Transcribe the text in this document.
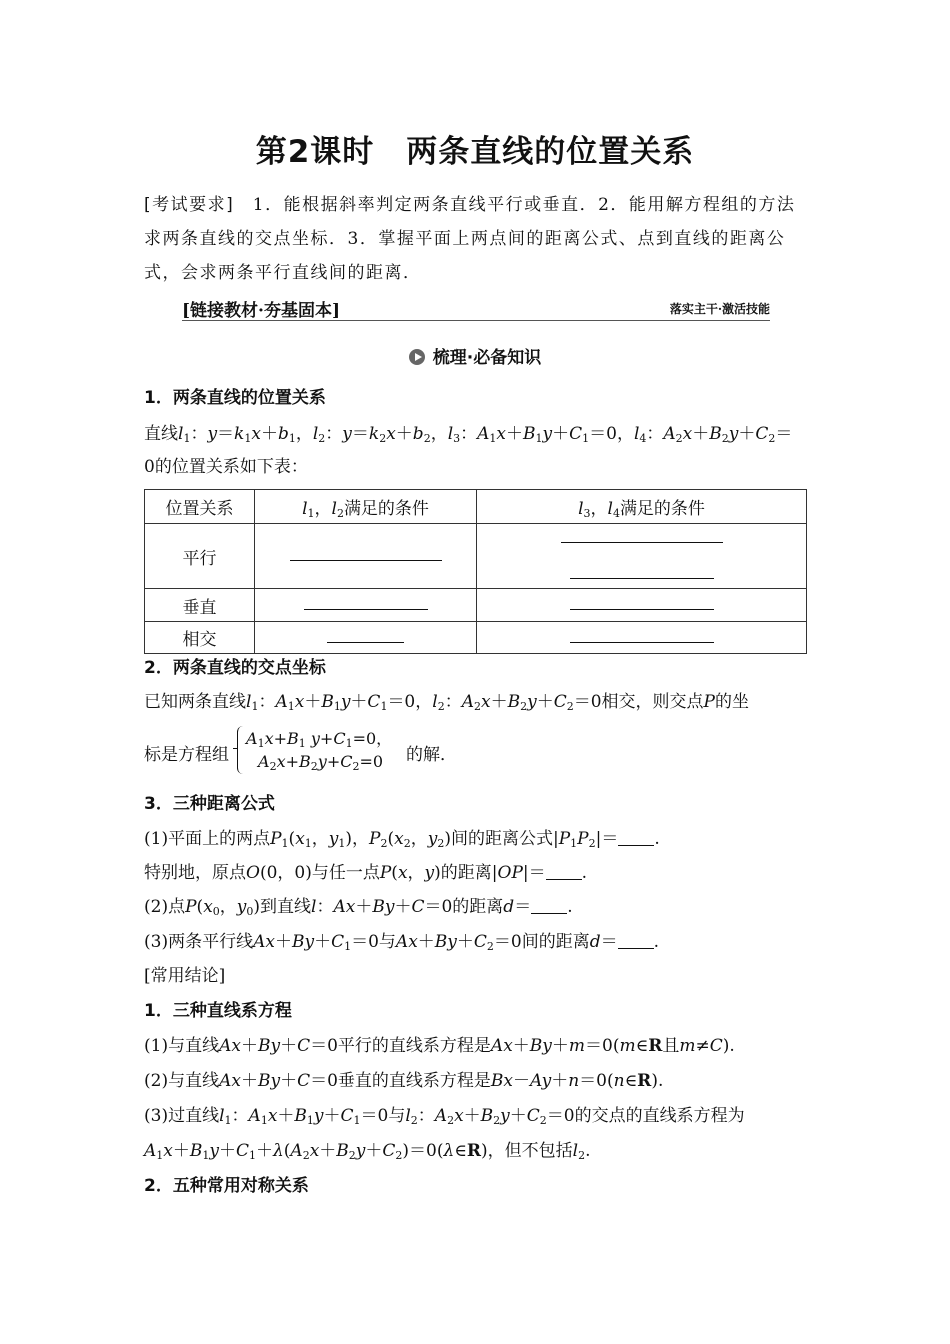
第2课时　两条直线的位置关系
[考试要求]　1．能根据斜率判定两条直线平行或垂直．2．能用解方程组的方法求两条直线的交点坐标．3．掌握平面上两点间的距离公式、点到直线的距离公式，会求两条平行直线间的距离．
[链接教材·夯基固本]	落实主干·激活技能
梳理·必备知识
1．两条直线的位置关系
直线$l_1$：$y=k_1x+b_1$，$l_2$：$y=k_2x+b_2$，$l_3$：$A_1x+B_1y+C_1=0$，$l_4$：$A_2x+B_2y+C_2=$
0的位置关系如下表：
位置关系	$l_1$，$l_2$满足的条件	$l_3$，$l_4$满足的条件
平行		

垂直		
相交		
2．两条直线的交点坐标
已知两条直线$l_1$：$A_1x+B_1y+C_1=0$，$l_2$：$A_2x+B_2y+C_2=0$相交，则交点P的坐
标是方程组
$A_1x+B_1$ $y+C_1=0$，
$A_2x+B_2y+C_2=0$ 的解．
3．三种距离公式
(1)平面上的两点$P_1(x_1$，$y_1$)，$P_2(x_2$，$y_2$)间的距离公式$|P_1P_2|=$ .
特别地，原点O(0，0)与任一点P(x，y)的距离|OP|＝ .
(2)点$P(x_0$，$y_0$)到直线l：Ax＋By＋C＝0的距离d＝ .
(3)两条平行线$Ax+By+C_1=0$与$Ax+By+C_2=0$间的距离d＝ .
[常用结论]
1．三种直线系方程
(1)与直线Ax＋By＋C＝0平行的直线系方程是Ax＋By＋m＝0(m∈R且m≠C).
(2)与直线Ax＋By＋C＝0垂直的直线系方程是Bx－Ay＋n＝0(n∈R).
(3)过直线$l_1$：$A_1x+B_1y+C_1=0$与$l_2$：$A_2x+B_2y+C_2=0$的交点的直线系方程为
$A_1x+B_1y+C_1+\lambda(A_2x+B_2y+C_2)=0(\lambda\in R)$，但不包括$l_2$.
2．五种常用对称关系
